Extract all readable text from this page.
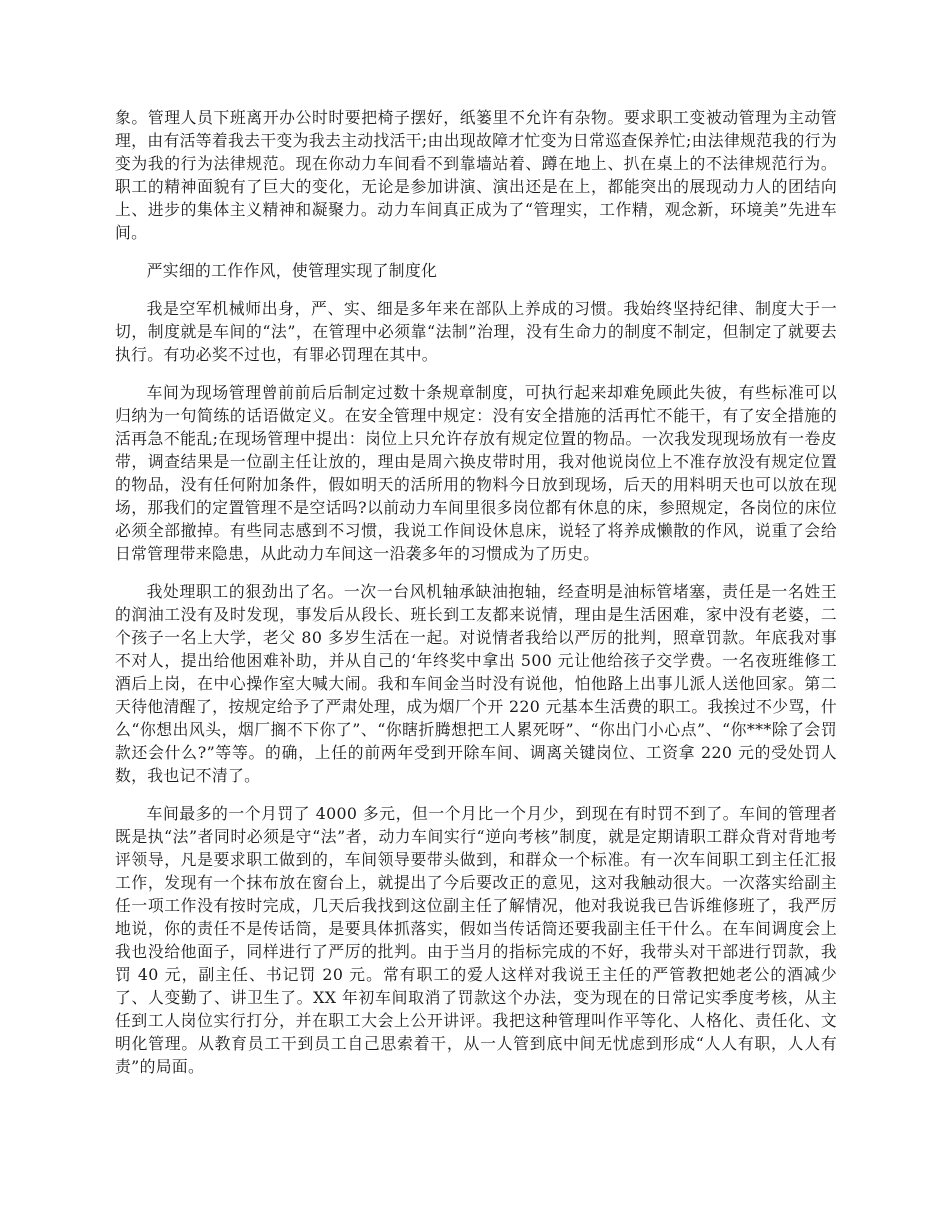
象。管理人员下班离开办公时时要把椅子摆好，纸篓里不允许有杂物。要求职工变被动管理为主动管理，由有活等着我去干变为我去主动找活干;由出现故障才忙变为日常巡查保养忙;由法律规范我的行为变为我的行为法律规范。现在你动力车间看不到靠墙站着、蹲在地上、扒在桌上的不法律规范行为。职工的精神面貌有了巨大的变化，无论是参加讲演、演出还是在上，都能突出的展现动力人的团结向上、进步的集体主义精神和凝聚力。动力车间真正成为了“管理实，工作精，观念新，环境美”先进车间。

严实细的工作作风，使管理实现了制度化

我是空军机械师出身，严、实、细是多年来在部队上养成的习惯。我始终坚持纪律、制度大于一切，制度就是车间的“法”，在管理中必须靠“法制”治理，没有生命力的制度不制定，但制定了就要去执行。有功必奖不过也，有罪必罚理在其中。

车间为现场管理曾前前后后制定过数十条规章制度，可执行起来却难免顾此失彼，有些标准可以归纳为一句简练的话语做定义。在安全管理中规定：没有安全措施的活再忙不能干，有了安全措施的活再急不能乱;在现场管理中提出：岗位上只允许存放有规定位置的物品。一次我发现现场放有一卷皮带，调查结果是一位副主任让放的，理由是周六换皮带时用，我对他说岗位上不准存放没有规定位置的物品，没有任何附加条件，假如明天的活所用的物料今日放到现场，后天的用料明天也可以放在现场，那我们的定置管理不是空话吗?以前动力车间里很多岗位都有休息的床，参照规定，各岗位的床位必须全部撤掉。有些同志感到不习惯，我说工作间设休息床，说轻了将养成懒散的作风，说重了会给日常管理带来隐患，从此动力车间这一沿袭多年的习惯成为了历史。

我处理职工的狠劲出了名。一次一台风机轴承缺油抱轴，经查明是油标管堵塞，责任是一名姓王的润油工没有及时发现，事发后从段长、班长到工友都来说情，理由是生活困难，家中没有老婆，二个孩子一名上大学，老父 80 多岁生活在一起。对说情者我给以严厉的批判，照章罚款。年底我对事不对人，提出给他困难补助，并从自己的‘年终奖中拿出 500 元让他给孩子交学费。一名夜班维修工酒后上岗，在中心操作室大喊大闹。我和车间金当时没有说他，怕他路上出事儿派人送他回家。第二天待他清醒了，按规定给予了严肃处理，成为烟厂个开 220 元基本生活费的职工。我挨过不少骂，什么“你想出风头，烟厂搁不下你了”、“你瞎折腾想把工人累死呀”、“你出门小心点”、“你***除了会罚款还会什么?”等等。的确，上任的前两年受到开除车间、调离关键岗位、工资拿 220 元的受处罚人数，我也记不清了。

车间最多的一个月罚了 4000 多元，但一个月比一个月少，到现在有时罚不到了。车间的管理者既是执“法”者同时必须是守“法”者，动力车间实行“逆向考核”制度，就是定期请职工群众背对背地考评领导，凡是要求职工做到的，车间领导要带头做到，和群众一个标准。有一次车间职工到主任汇报工作，发现有一个抹布放在窗台上，就提出了今后要改正的意见，这对我触动很大。一次落实给副主任一项工作没有按时完成，几天后我找到这位副主任了解情况，他对我说我已告诉维修班了，我严厉地说，你的责任不是传话筒，是要具体抓落实，假如当传话筒还要我副主任干什么。在车间调度会上我也没给他面子，同样进行了严厉的批判。由于当月的指标完成的不好，我带头对干部进行罚款，我罚 40 元，副主任、书记罚 20 元。常有职工的爱人这样对我说王主任的严管教把她老公的酒减少了、人变勤了、讲卫生了。XX 年初车间取消了罚款这个办法，变为现在的日常记实季度考核，从主任到工人岗位实行打分，并在职工大会上公开讲评。我把这种管理叫作平等化、人格化、责任化、文明化管理。从教育员工干到员工自己思索着干，从一人管到底中间无忧虑到形成“人人有职，人人有责”的局面。
